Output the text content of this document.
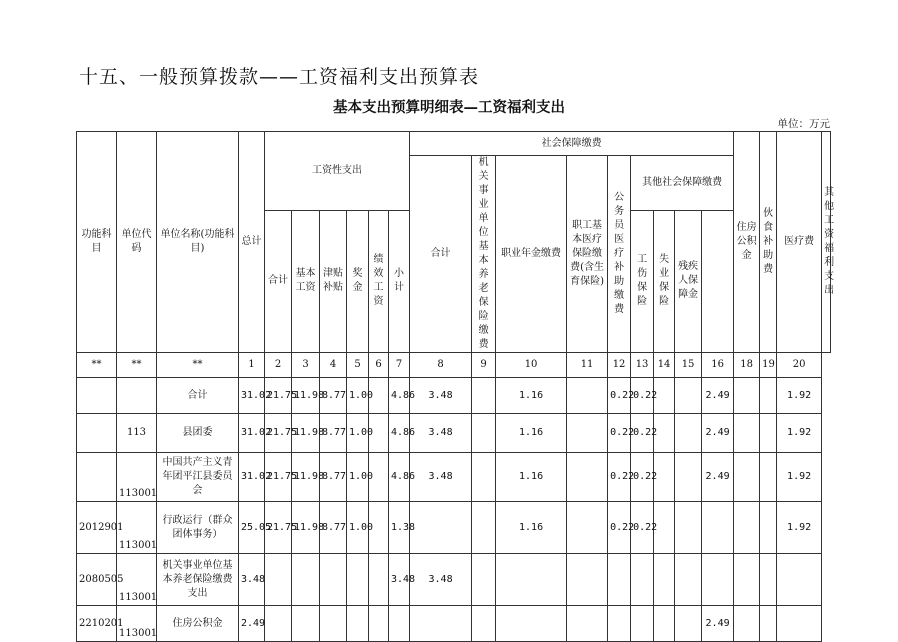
十五、一般预算拨款——工资福利支出预算表
基本支出预算明细表—工资福利支出
单位：万元
功能科目	单位代码	单位名称(功能科目)	总计	工资性支出						社会保障缴费									住房公积金	伙食补助费	医疗费	其他工资福利支出
										合计	机关事业单位基本养老保险缴费	职业年金缴费	职工基本医疗保险缴费(含生育保险)	公务员医疗补助缴费	其他社会保障缴费							
				合计	基本工资	津贴补贴	奖金	绩效工资	小计						工伤保险	失业保险	残疾人保障金					
**	**	**	1	2	3	4	5	6	7	8	9	10	11	12	13	14	15	16	18	19	20	
		合计	31.02	21.75	11.98	8.77	1.00		4.86	3.48		1.16		0.22	0.22			2.49			1.92	
	113	县团委	31.02	21.75	11.98	8.77	1.00		4.86	3.48		1.16		0.22	0.22			2.49			1.92	
	113001	中国共产主义青年团平江县委员会	31.02	21.75	11.98	8.77	1.00		4.86	3.48		1.16		0.22	0.22			2.49			1.92	
2012901	113001	行政运行（群众团体事务）	25.05	21.75	11.98	8.77	1.00		1.38			1.16		0.22	0.22						1.92	
2080505	113001	机关事业单位基本养老保险缴费支出	3.48						3.48	3.48												
2210201	113001	住房公积金	2.49															2.49				
